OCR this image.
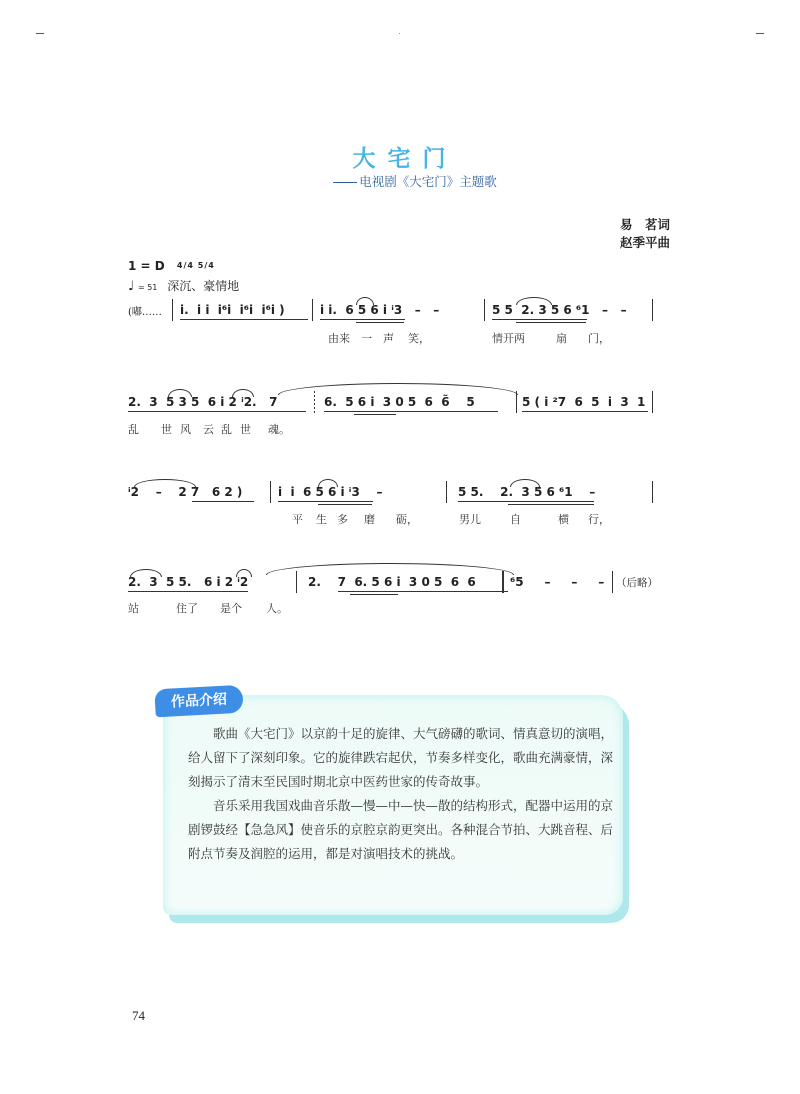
大宅门
电视剧《大宅门》主题歌
易　茗词
赵季平曲
1 = D 4/4 5/4
♩ = 51 深沉、豪情地
(嘟…… i.  i i  i⁶i  i⁶i  i⁶i )	i i.  6 5 6 i ⁱ3   –   –	5 5  2. 3 5 6 ⁶1   –   –
由来 一 声 笑，	情开两	扇 门，
2.  3  5 3 5  6 i 2 ⁱ2.   7	6.  5 6 i  3 0 5  6  6̃    5	5 ( i ²7  6  5  i  3  1
乱 世 风 云 乱 世 魂。
ⁱ2    –    2 7   6 2 )	i  i  6 5 6 i ⁱ3    –	5 5.    2.  3 5 6 ⁶1    –
平 生 多 磨 砺，	男儿	自	横 行，
2.  3  5 5.   6 i 2 ⁱ2	2.    7  6. 5 6 i  3 0 5  6  6	⁶5     –     –     – （后略）
站	住了 是个 人。
作品介绍

歌曲《大宅门》以京韵十足的旋律、大气磅礴的歌词、情真意切的演唱，给人留下了深刻印象。它的旋律跌宕起伏，节奏多样变化，歌曲充满豪情，深刻揭示了清末至民国时期北京中医药世家的传奇故事。

音乐采用我国戏曲音乐散—慢—中—快—散的结构形式，配器中运用的京剧锣鼓经【急急风】使音乐的京腔京韵更突出。各种混合节拍、大跳音程、后附点节奏及润腔的运用，都是对演唱技术的挑战。

74
